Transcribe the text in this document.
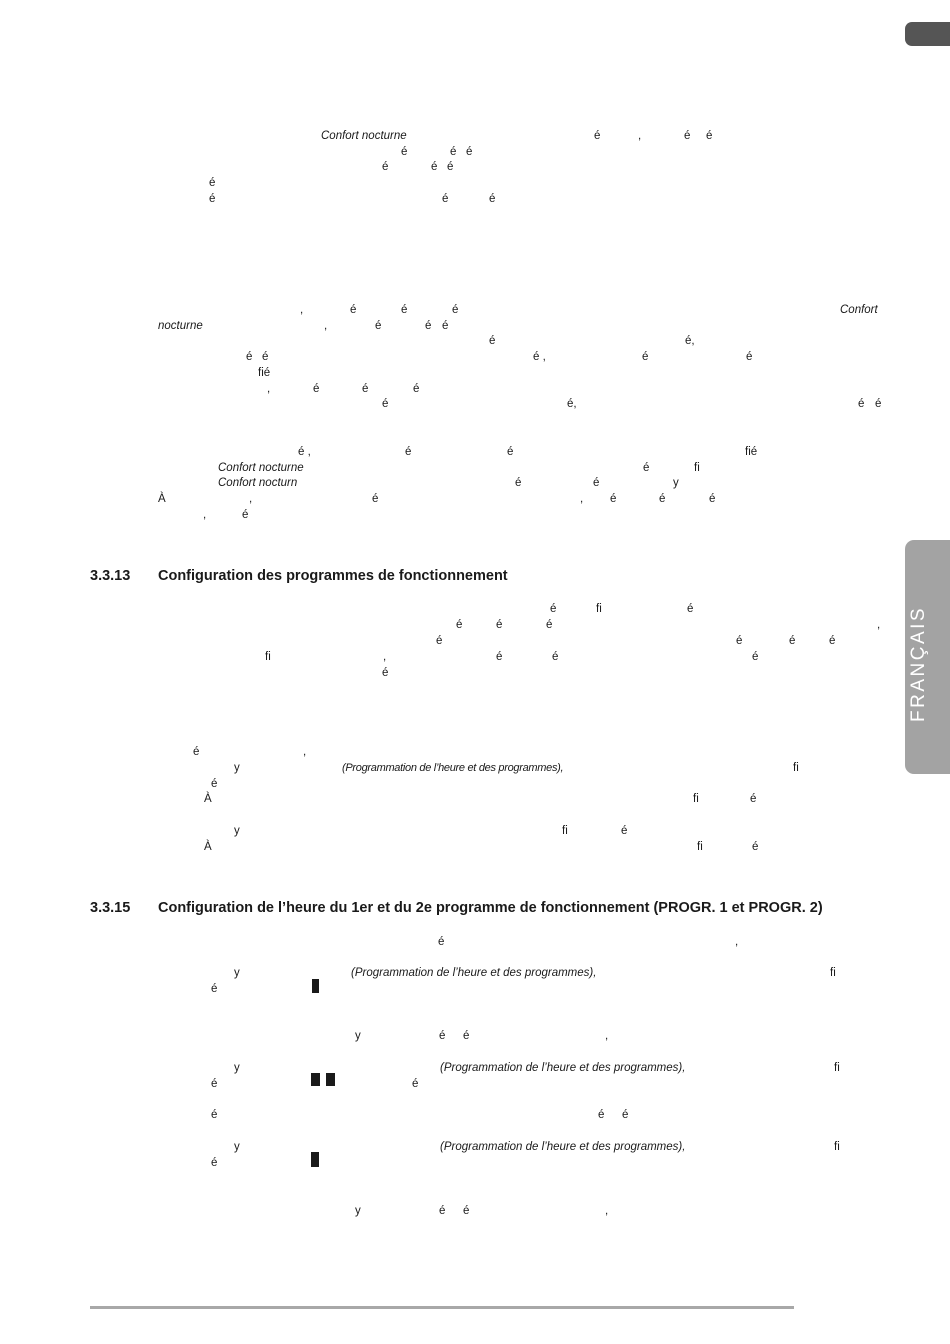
FRANÇAIS
Confort nocturne	é	,	é é
é	é é
é	é é
é
é	é	é
,	é	é	é	Confort
nocturne	,	é	é é
é	é,
é é	é ,	é	é
fié
,	é	é	é
é	é,	é é
é ,	é	é	fié
Confort nocturne	é	fi
Confort nocturn	é	é	y
À	,	é	, é	é	é
,	é
3.3.13 Configuration des programmes de fonctionnement
é	fi	é
é	é	é	,
é	é	é	é
fi	,	é	é	é
é
é	,
y	(Programmation de l’heure et des programmes),	fi
é
À	fi	é
y	fi	é
À	fi	é
3.3.15 Configuration de l’heure du 1er et du 2e programme de fonctionnement (PROGR. 1 et PROGR. 2)
é	,
y	(Programmation de l’heure et des programmes),	fi
é
y	é é	,
y	(Programmation de l’heure et des programmes),	fi
é	é
é	é é
y	(Programmation de l’heure et des programmes),	fi
é
y	é é	,
